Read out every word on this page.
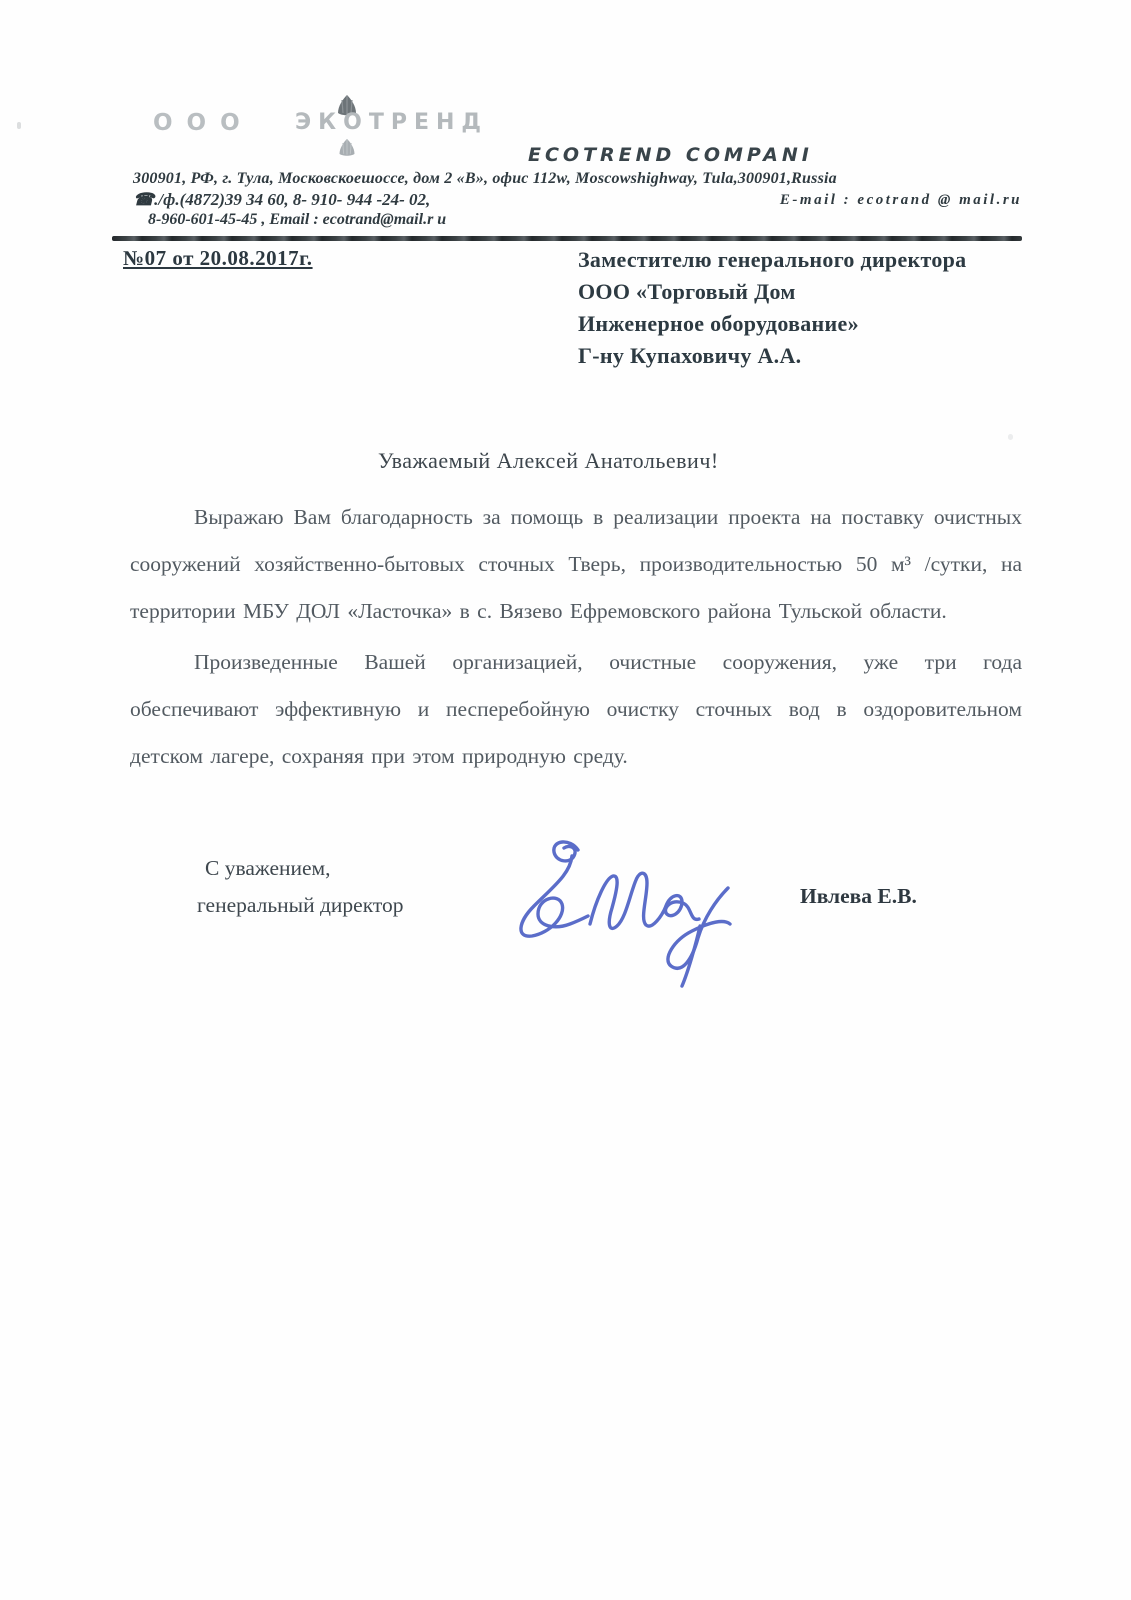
ООО ЭКОТРЕНД
ECOTREND COMPANI
300901, РФ, г. Тула, Московскоешоссе, дом 2 «В», офис 112w, Moscowshighway, Tula,300901,Russia
☎./ф.(4872)39 34 60, 8- 910- 944 -24- 02,	E-mail : ecotrand @ mail.ru
8-960-601-45-45 , Email : ecotrand@mail.r u
№07 от 20.08.2017г.	Заместителю генерального директора
ООО «Торговый Дом
Инженерное оборудование»
Г-ну Купаховичу А.А.
Уважаемый Алексей Анатольевич!

Выражаю Вам благодарность за помощь в реализации проекта на поставку очистных сооружений хозяйственно-бытовых сточных Тверь, производительностью 50 м³ /сутки, на территории МБУ ДОЛ «Ласточка» в с. Вязево Ефремовского района Тульской области.

Произведенные Вашей организацией, очистные сооружения, уже три года обеспечивают эффективную и песперебойную очистку сточных вод в оздоровительном детском лагере, сохраняя при этом природную среду.

С уважением,
генеральный директор	Ивлева Е.В.
